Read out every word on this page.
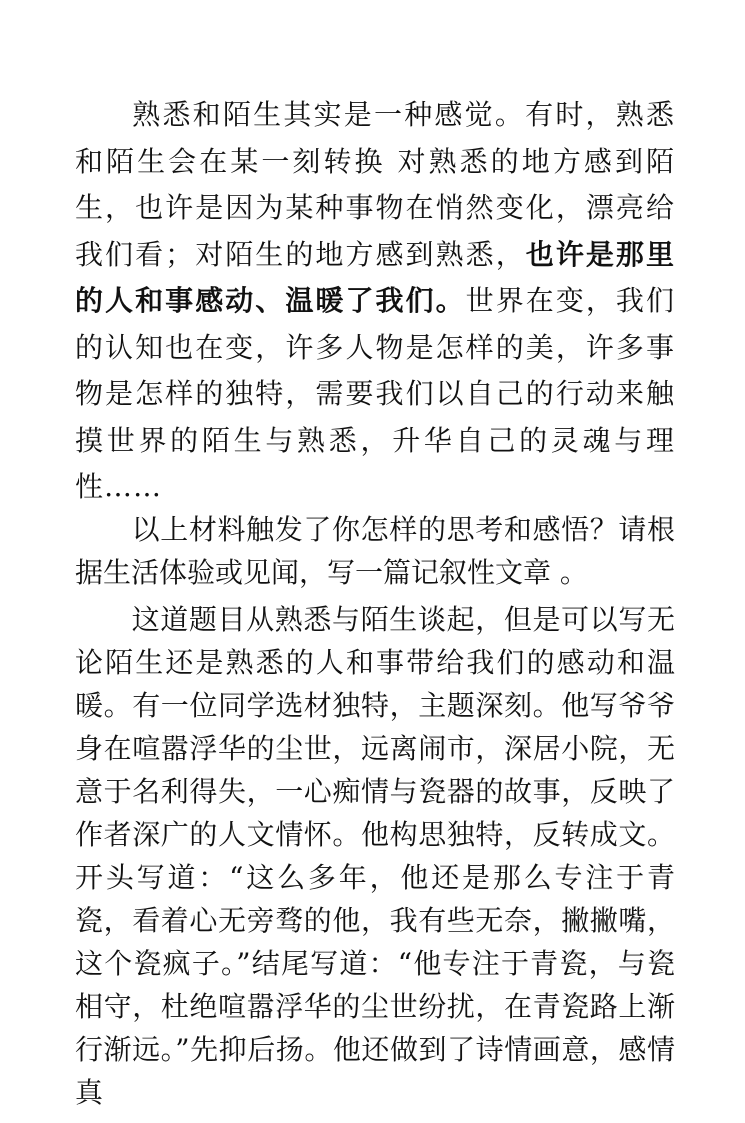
熟悉和陌生其实是一种感觉。有时，熟悉和陌生会在某一刻转换 对熟悉的地方感到陌生，也许是因为某种事物在悄然变化，漂亮给我们看；对陌生的地方感到熟悉，也许是那里的人和事感动、温暖了我们。世界在变，我们的认知也在变，许多人物是怎样的美，许多事物是怎样的独特，需要我们以自己的行动来触摸世界的陌生与熟悉，升华自己的灵魂与理性……

以上材料触发了你怎样的思考和感悟？请根据生活体验或见闻，写一篇记叙性文章 。

这道题目从熟悉与陌生谈起，但是可以写无论陌生还是熟悉的人和事带给我们的感动和温暖。有一位同学选材独特，主题深刻。他写爷爷身在喧嚣浮华的尘世，远离闹市，深居小院，无意于名利得失，一心痴情与瓷器的故事，反映了作者深广的人文情怀。他构思独特，反转成文。开头写道：“这么多年，他还是那么专注于青瓷，看着心无旁骛的他，我有些无奈，撇撇嘴，这个瓷疯子。”结尾写道：“他专注于青瓷，与瓷相守，杜绝喧嚣浮华的尘世纷扰，在青瓷路上渐行渐远。”先抑后扬。他还做到了诗情画意，感情真
